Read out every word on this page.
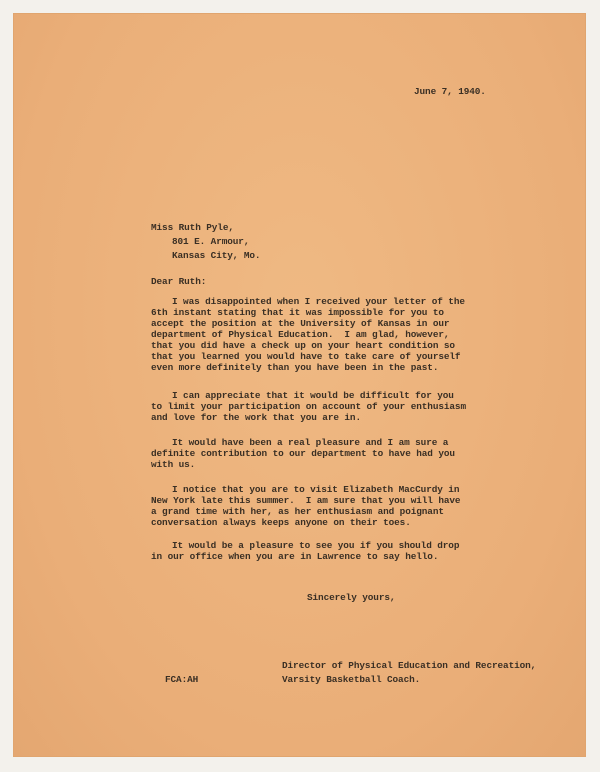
June 7, 1940.
Miss Ruth Pyle,
801 E. Armour,
Kansas City, Mo.
Dear Ruth:
I was disappointed when I received your letter of the
6th instant stating that it was impossible for you to
accept the position at the University of Kansas in our
department of Physical Education.  I am glad, however,
that you did have a check up on your heart condition so
that you learned you would have to take care of yourself
even more definitely than you have been in the past.
I can appreciate that it would be difficult for you
to limit your participation on account of your enthusiasm
and love for the work that you are in.
It would have been a real pleasure and I am sure a
definite contribution to our department to have had you
with us.
I notice that you are to visit Elizabeth MacCurdy in
New York late this summer.  I am sure that you will have
a grand time with her, as her enthusiasm and poignant
conversation always keeps anyone on their toes.
It would be a pleasure to see you if you should drop
in our office when you are in Lawrence to say hello.
Sincerely yours,
Director of Physical Education and Recreation,
Varsity Basketball Coach.
FCA:AH
